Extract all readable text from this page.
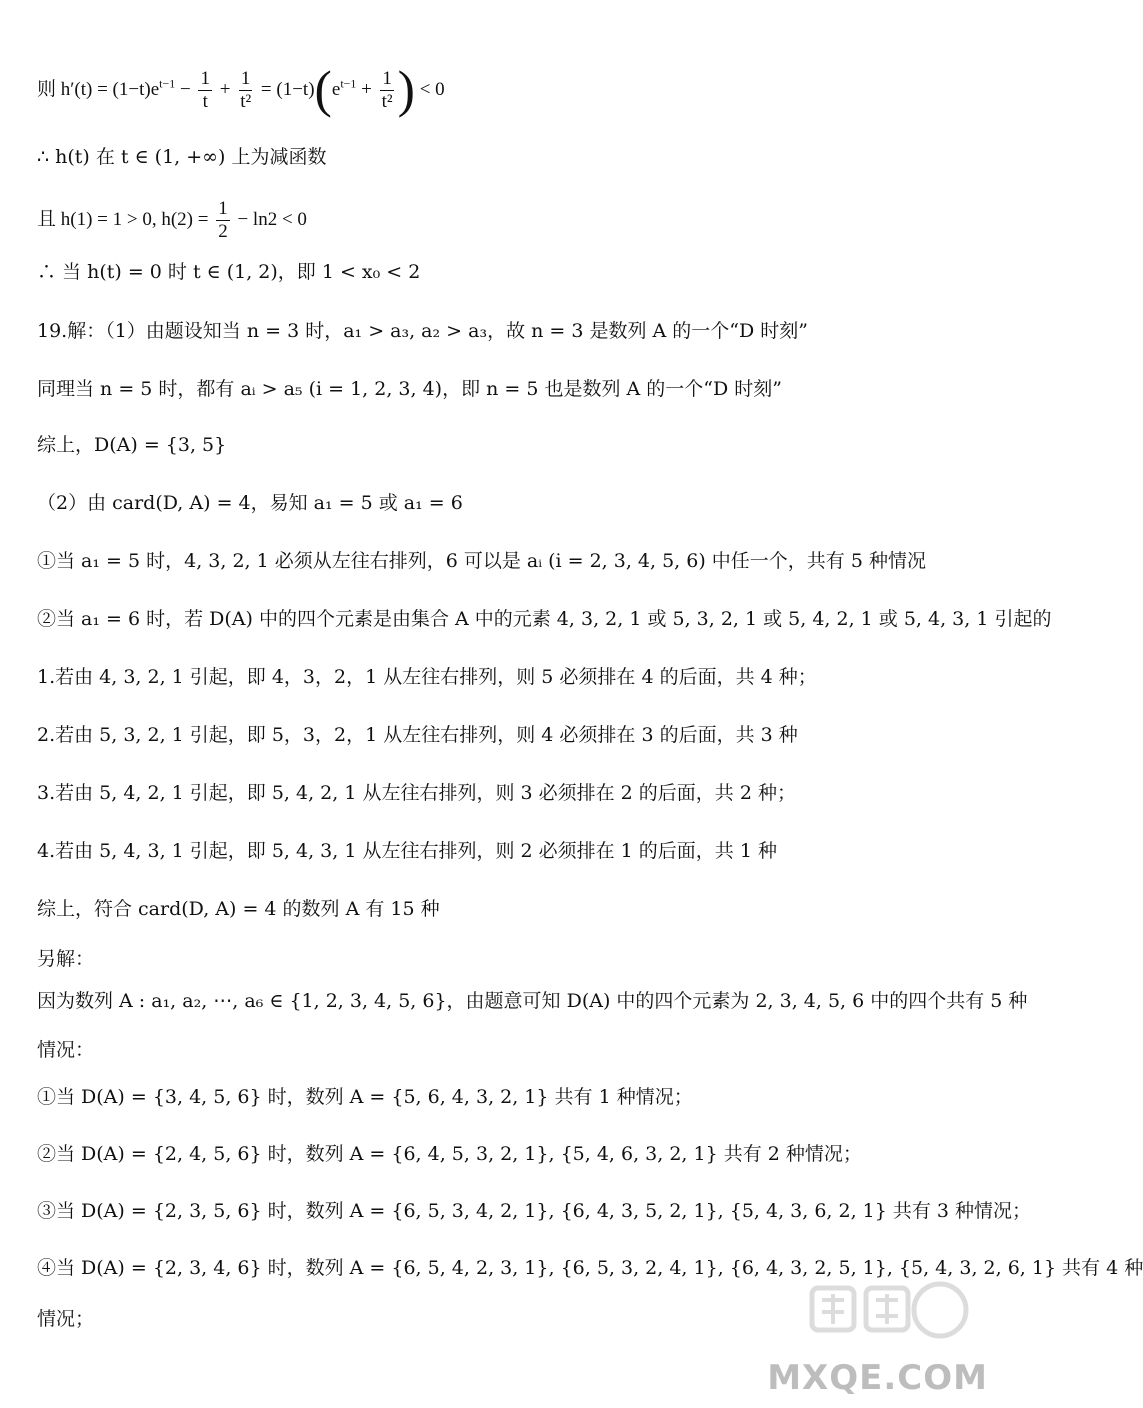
则 $h'(t) = (1-t)e^{t-1} - \frac{1}{t} + \frac{1}{\text{t²}} = (1-t)(e^{t-1} + \frac{1}{\text{t²}}$ ) < 0
∴ h(t) 在 t ∈ (1, +∞) 上为减函数
且 h(1) = 1 > 0, $h(2) = \frac{1}{2} - \ln 2 < 0$
∴ 当 h(t) = 0 时 t ∈ (1, 2)，即 1 < x₀ < 2
19.解：（1）由题设知当 n = 3 时，a₁ > a₃, a₂ > a₃，故 n = 3 是数列 A 的一个“D 时刻”
同理当 n = 5 时，都有 aᵢ > a₅ (i = 1, 2, 3, 4)，即 n = 5 也是数列 A 的一个“D 时刻”
综上，D(A) = {3, 5}
（2）由 card(D, A) = 4，易知 a₁ = 5 或 a₁ = 6
①当 a₁ = 5 时，4, 3, 2, 1 必须从左往右排列，6 可以是 aᵢ (i = 2, 3, 4, 5, 6) 中任一个，共有 5 种情况
②当 a₁ = 6 时，若 D(A) 中的四个元素是由集合 A 中的元素 4, 3, 2, 1 或 5, 3, 2, 1 或 5, 4, 2, 1 或 5, 4, 3, 1 引起的
1.若由 4, 3, 2, 1 引起，即 4，3，2，1 从左往右排列，则 5 必须排在 4 的后面，共 4 种；
2.若由 5, 3, 2, 1 引起，即 5，3，2，1 从左往右排列，则 4 必须排在 3 的后面，共 3 种
3.若由 5, 4, 2, 1 引起，即 5, 4, 2, 1 从左往右排列，则 3 必须排在 2 的后面，共 2 种；
4.若由 5, 4, 3, 1 引起，即 5, 4, 3, 1 从左往右排列，则 2 必须排在 1 的后面，共 1 种
综上，符合 card(D, A) = 4 的数列 A 有 15 种
另解：
因为数列 A : a₁, a₂, ⋯, a₆ ∈ {1, 2, 3, 4, 5, 6}，由题意可知 D(A) 中的四个元素为 2, 3, 4, 5, 6 中的四个共有 5 种
情况：
①当 D(A) = {3, 4, 5, 6} 时，数列 A = {5, 6, 4, 3, 2, 1} 共有 1 种情况；
②当 D(A) = {2, 4, 5, 6} 时，数列 A = {6, 4, 5, 3, 2, 1}, {5, 4, 6, 3, 2, 1} 共有 2 种情况；
③当 D(A) = {2, 3, 5, 6} 时，数列 A = {6, 5, 3, 4, 2, 1}, {6, 4, 3, 5, 2, 1}, {5, 4, 3, 6, 2, 1} 共有 3 种情况；
④当 D(A) = {2, 3, 4, 6} 时，数列 A = {6, 5, 4, 2, 3, 1}, {6, 5, 3, 2, 4, 1}, {6, 4, 3, 2, 5, 1}, {5, 4, 3, 2, 6, 1} 共有 4 种
情况；
MXQE.COM
